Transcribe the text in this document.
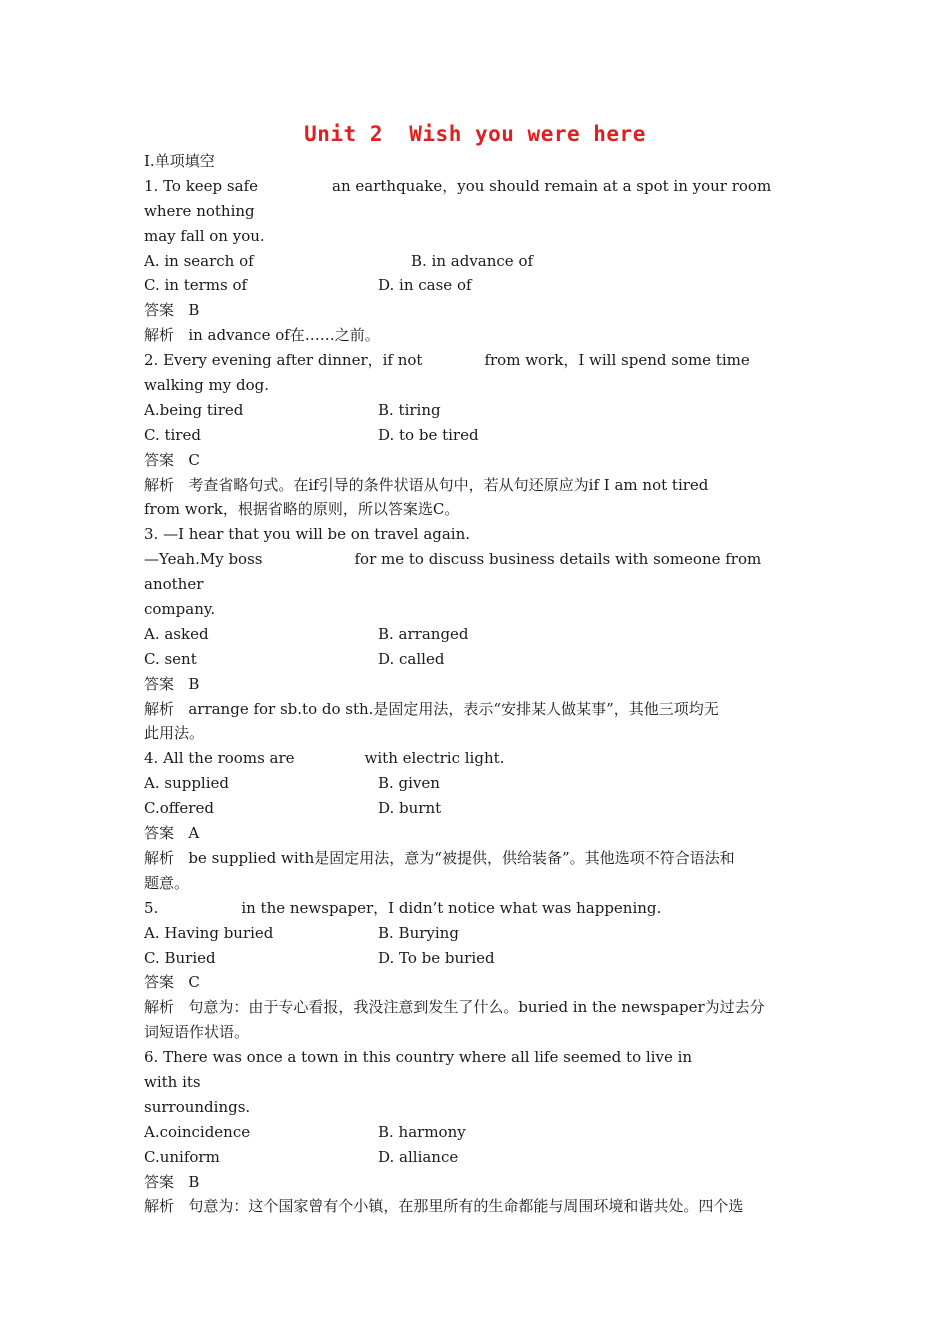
Unit 2  Wish you were here
Ⅰ.单项填空
1. To keep safe	an earthquake，you should remain at a spot in your room
where nothing
may fall on you.
A. in search of	B. in advance of
C. in terms of	D. in case of
答案 B
解析 in advance of在……之前。
2. Every evening after dinner，if not	from work，I will spend some time
walking my dog.
A.being tired	B. tiring
C. tired	D. to be tired
答案 C
解析 考查省略句式。在if引导的条件状语从句中，若从句还原应为if I am not tired
from work，根据省略的原则，所以答案选C。
3. —I hear that you will be on travel again.
—Yeah.My boss	for me to discuss business details with someone from
another
company.
A. asked	B. arranged
C. sent	D. called
答案 B
解析 arrange for sb.to do sth.是固定用法，表示“安排某人做某事”，其他三项均无
此用法。
4. All the rooms are	with electric light.
A. supplied	B. given
C.offered	D. burnt
答案 A
解析 be supplied with是固定用法，意为“被提供，供给装备”。其他选项不符合语法和
题意。
5.	in the newspaper，I didn’t notice what was happening.
A. Having buried	B. Burying
C. Buried	D. To be buried
答案 C
解析 句意为：由于专心看报，我没注意到发生了什么。buried in the newspaper为过去分
词短语作状语。
6. There was once a town in this country where all life seemed to live in
with its
surroundings.
A.coincidence	B. harmony
C.uniform	D. alliance
答案 B
解析 句意为：这个国家曾有个小镇，在那里所有的生命都能与周围环境和谐共处。四个选
